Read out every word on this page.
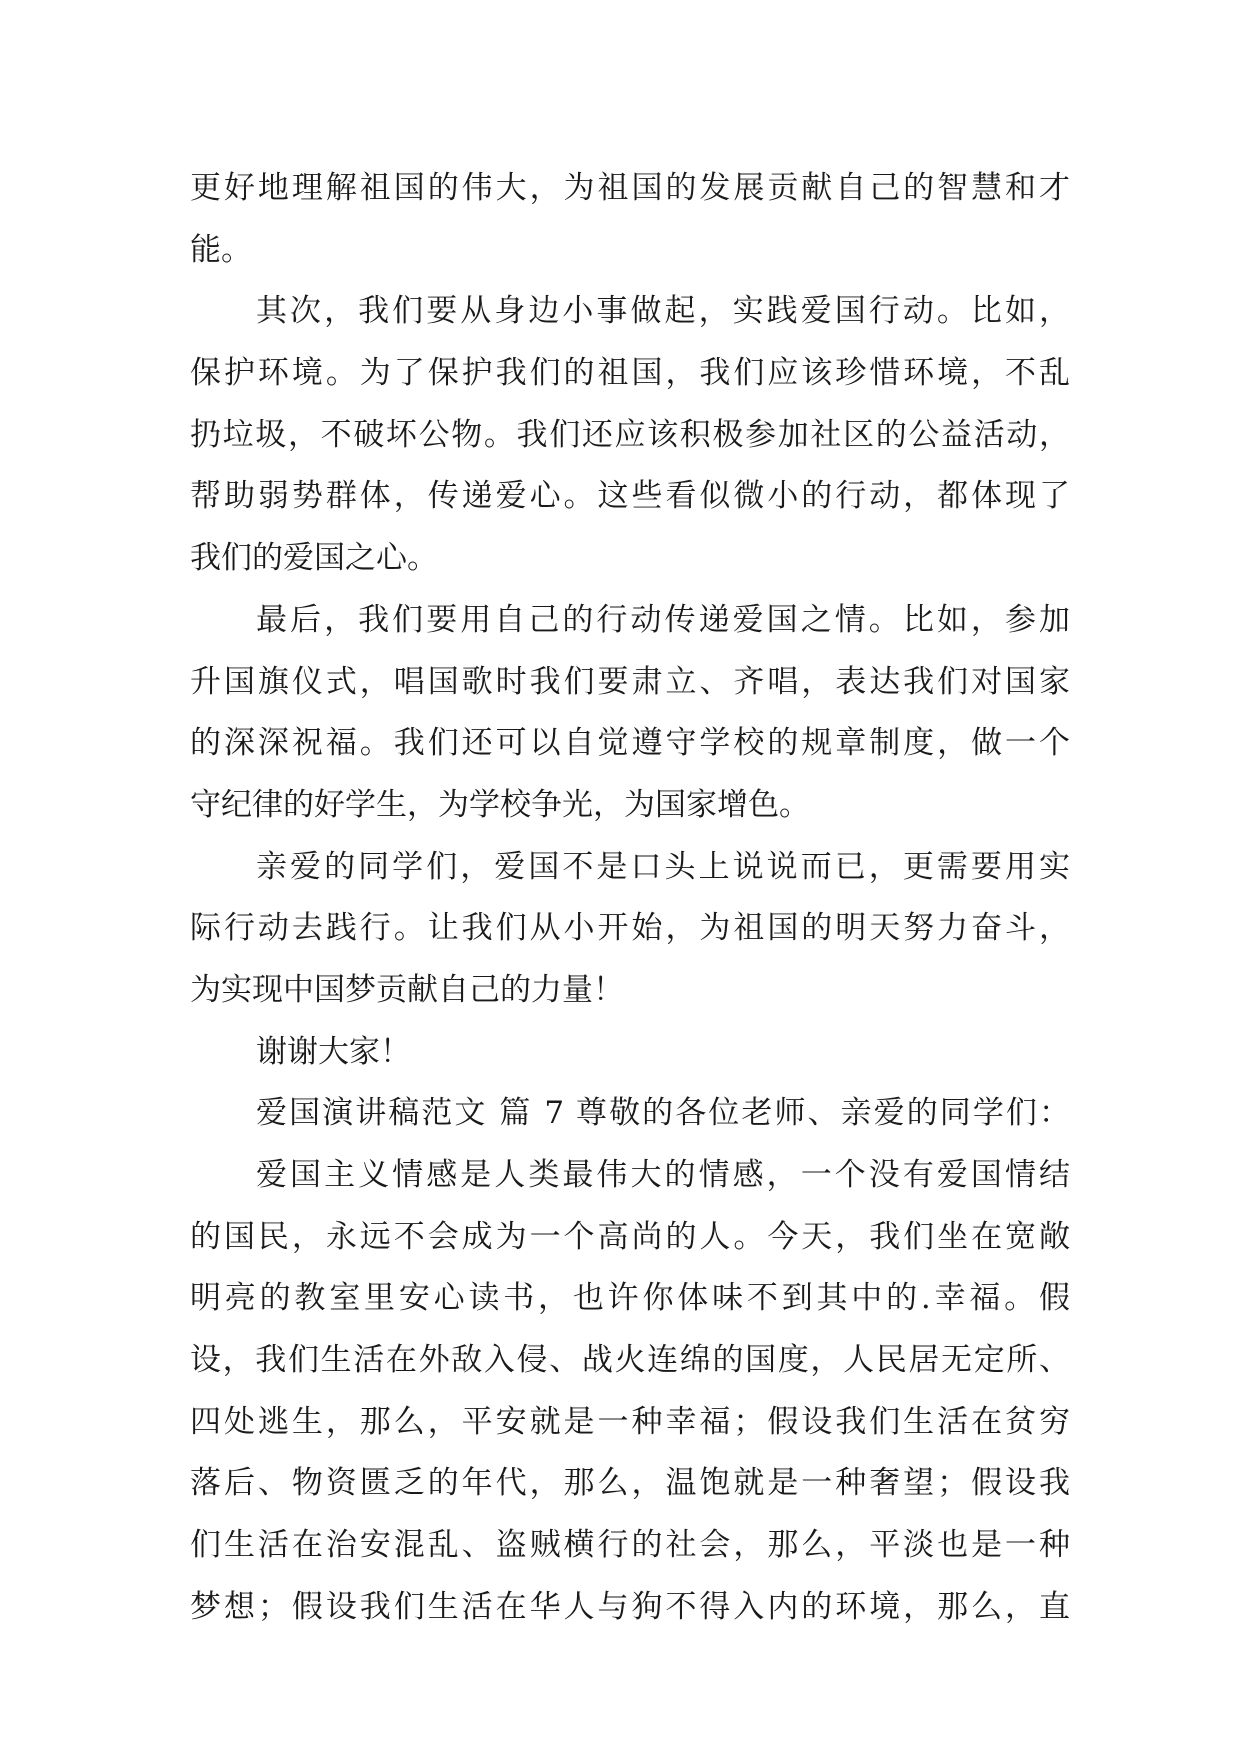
更好地理解祖国的伟大，为祖国的发展贡献自己的智慧和才
能。
其次，我们要从身边小事做起，实践爱国行动。比如，
保护环境。为了保护我们的祖国，我们应该珍惜环境，不乱
扔垃圾，不破坏公物。我们还应该积极参加社区的公益活动，
帮助弱势群体，传递爱心。这些看似微小的行动，都体现了
我们的爱国之心。
最后，我们要用自己的行动传递爱国之情。比如，参加
升国旗仪式，唱国歌时我们要肃立、齐唱，表达我们对国家
的深深祝福。我们还可以自觉遵守学校的规章制度，做一个
守纪律的好学生，为学校争光，为国家增色。
亲爱的同学们，爱国不是口头上说说而已，更需要用实
际行动去践行。让我们从小开始，为祖国的明天努力奋斗，
为实现中国梦贡献自己的力量！
谢谢大家！
爱国演讲稿范文 篇 7 尊敬的各位老师、亲爱的同学们：
爱国主义情感是人类最伟大的情感，一个没有爱国情结
的国民，永远不会成为一个高尚的人。今天，我们坐在宽敞
明亮的教室里安心读书，也许你体味不到其中的.幸福。假
设，我们生活在外敌入侵、战火连绵的国度，人民居无定所、
四处逃生，那么，平安就是一种幸福；假设我们生活在贫穷
落后、物资匮乏的年代，那么，温饱就是一种奢望；假设我
们生活在治安混乱、盗贼横行的社会，那么，平淡也是一种
梦想；假设我们生活在华人与狗不得入内的环境，那么，直
